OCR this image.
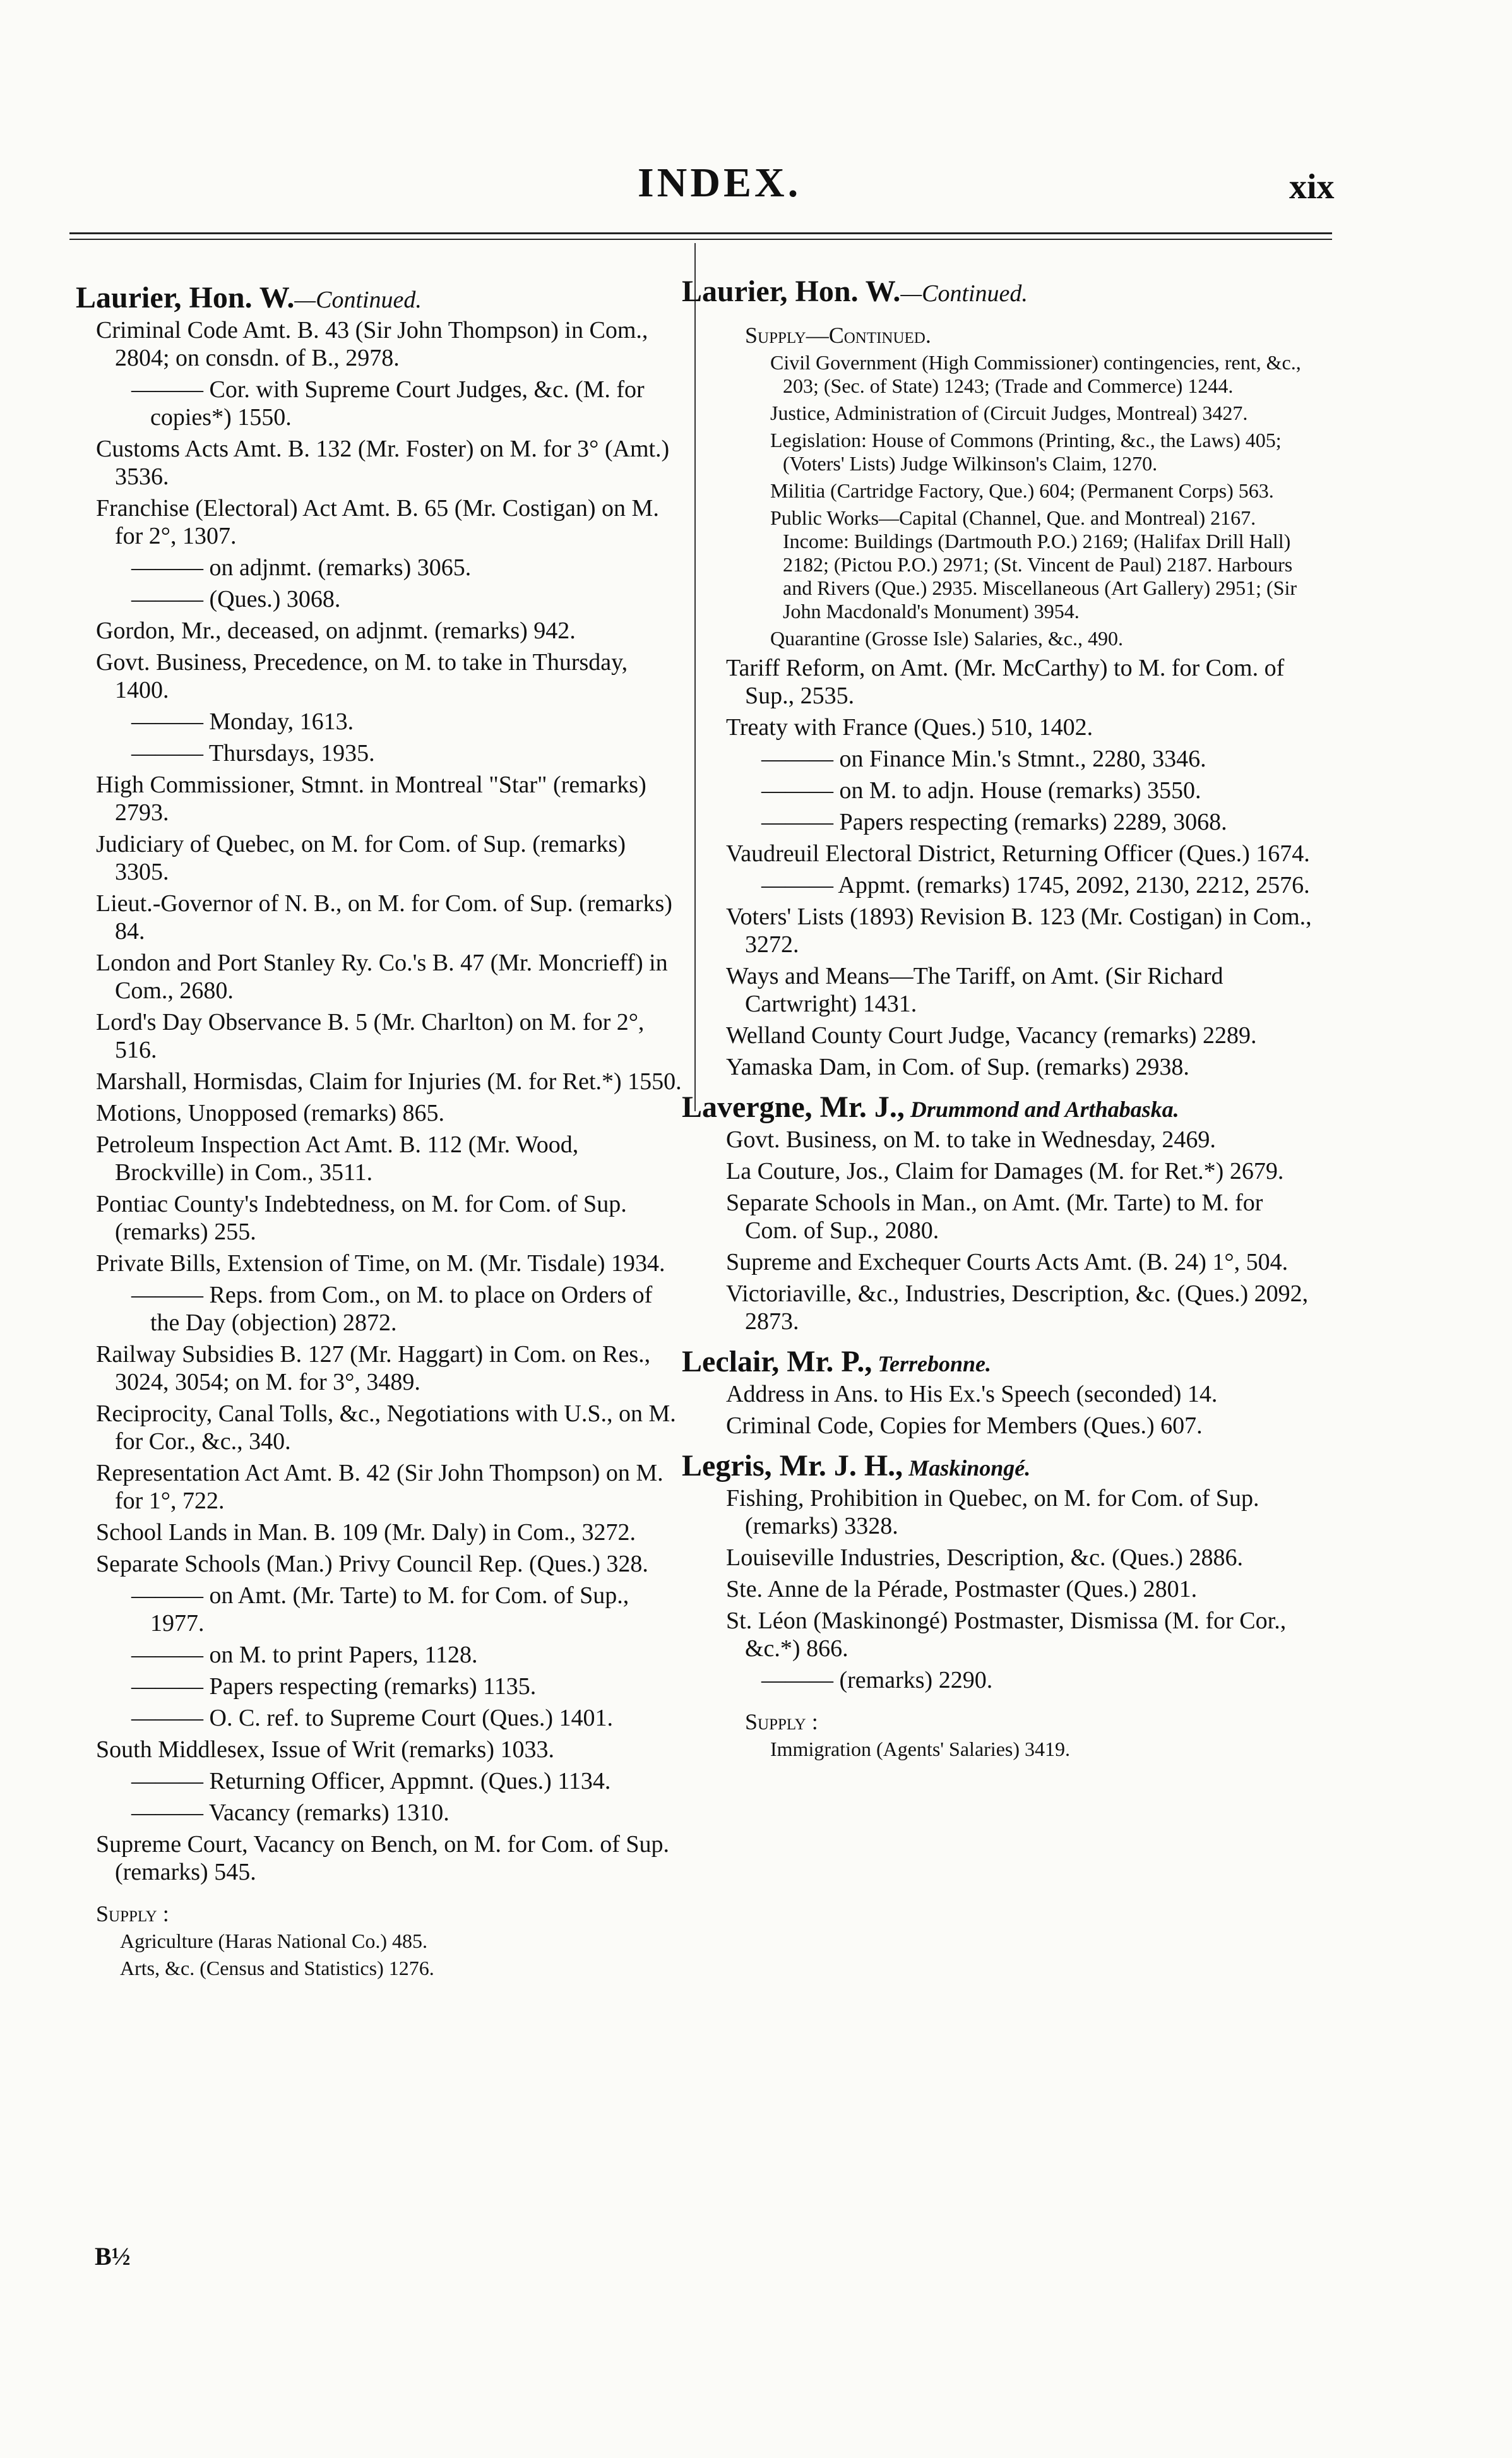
INDEX.	xix
Laurier, Hon. W.—Continued.
Criminal Code Amt. B. 43 (Sir John Thompson) in Com., 2804; on consdn. of B., 2978.
——— Cor. with Supreme Court Judges, &c. (M. for copies*) 1550.
Customs Acts Amt. B. 132 (Mr. Foster) on M. for 3° (Amt.) 3536.
Franchise (Electoral) Act Amt. B. 65 (Mr. Costigan) on M. for 2°, 1307.
——— on adjnmt. (remarks) 3065.
——— (Ques.) 3068.
Gordon, Mr., deceased, on adjnmt. (remarks) 942.
Govt. Business, Precedence, on M. to take in Thursday, 1400.
——— Monday, 1613.
——— Thursdays, 1935.
High Commissioner, Stmnt. in Montreal "Star" (remarks) 2793.
Judiciary of Quebec, on M. for Com. of Sup. (remarks) 3305.
Lieut.-Governor of N. B., on M. for Com. of Sup. (remarks) 84.
London and Port Stanley Ry. Co.'s B. 47 (Mr. Moncrieff) in Com., 2680.
Lord's Day Observance B. 5 (Mr. Charlton) on M. for 2°, 516.
Marshall, Hormisdas, Claim for Injuries (M. for Ret.*) 1550.
Motions, Unopposed (remarks) 865.
Petroleum Inspection Act Amt. B. 112 (Mr. Wood, Brockville) in Com., 3511.
Pontiac County's Indebtedness, on M. for Com. of Sup. (remarks) 255.
Private Bills, Extension of Time, on M. (Mr. Tisdale) 1934.
——— Reps. from Com., on M. to place on Orders of the Day (objection) 2872.
Railway Subsidies B. 127 (Mr. Haggart) in Com. on Res., 3024, 3054; on M. for 3°, 3489.
Reciprocity, Canal Tolls, &c., Negotiations with U.S., on M. for Cor., &c., 340.
Representation Act Amt. B. 42 (Sir John Thompson) on M. for 1°, 722.
School Lands in Man. B. 109 (Mr. Daly) in Com., 3272.
Separate Schools (Man.) Privy Council Rep. (Ques.) 328.
——— on Amt. (Mr. Tarte) to M. for Com. of Sup., 1977.
——— on M. to print Papers, 1128.
——— Papers respecting (remarks) 1135.
——— O. C. ref. to Supreme Court (Ques.) 1401.
South Middlesex, Issue of Writ (remarks) 1033.
——— Returning Officer, Appmnt. (Ques.) 1134.
——— Vacancy (remarks) 1310.
Supreme Court, Vacancy on Bench, on M. for Com. of Sup. (remarks) 545.
Supply :
Agriculture (Haras National Co.) 485.
Arts, &c. (Census and Statistics) 1276.
Laurier, Hon. W.—Continued.
Supply—Continued.
Civil Government (High Commissioner) contingencies, rent, &c., 203; (Sec. of State) 1243; (Trade and Commerce) 1244.
Justice, Administration of (Circuit Judges, Montreal) 3427.
Legislation: House of Commons (Printing, &c., the Laws) 405; (Voters' Lists) Judge Wilkinson's Claim, 1270.
Militia (Cartridge Factory, Que.) 604; (Permanent Corps) 563.
Public Works—Capital (Channel, Que. and Montreal) 2167. Income: Buildings (Dartmouth P.O.) 2169; (Halifax Drill Hall) 2182; (Pictou P.O.) 2971; (St. Vincent de Paul) 2187. Harbours and Rivers (Que.) 2935. Miscellaneous (Art Gallery) 2951; (Sir John Macdonald's Monument) 3954.
Quarantine (Grosse Isle) Salaries, &c., 490.
Tariff Reform, on Amt. (Mr. McCarthy) to M. for Com. of Sup., 2535.
Treaty with France (Ques.) 510, 1402.
——— on Finance Min.'s Stmnt., 2280, 3346.
——— on M. to adjn. House (remarks) 3550.
——— Papers respecting (remarks) 2289, 3068.
Vaudreuil Electoral District, Returning Officer (Ques.) 1674.
——— Appmt. (remarks) 1745, 2092, 2130, 2212, 2576.
Voters' Lists (1893) Revision B. 123 (Mr. Costigan) in Com., 3272.
Ways and Means—The Tariff, on Amt. (Sir Richard Cartwright) 1431.
Welland County Court Judge, Vacancy (remarks) 2289.
Yamaska Dam, in Com. of Sup. (remarks) 2938.
Lavergne, Mr. J., Drummond and Arthabaska.
Govt. Business, on M. to take in Wednesday, 2469.
La Couture, Jos., Claim for Damages (M. for Ret.*) 2679.
Separate Schools in Man., on Amt. (Mr. Tarte) to M. for Com. of Sup., 2080.
Supreme and Exchequer Courts Acts Amt. (B. 24) 1°, 504.
Victoriaville, &c., Industries, Description, &c. (Ques.) 2092, 2873.
Leclair, Mr. P., Terrebonne.
Address in Ans. to His Ex.'s Speech (seconded) 14.
Criminal Code, Copies for Members (Ques.) 607.
Legris, Mr. J. H., Maskinongé.
Fishing, Prohibition in Quebec, on M. for Com. of Sup. (remarks) 3328.
Louiseville Industries, Description, &c. (Ques.) 2886.
Ste. Anne de la Pérade, Postmaster (Ques.) 2801.
St. Léon (Maskinongé) Postmaster, Dismissa (M. for Cor., &c.*) 866.
——— (remarks) 2290.
Supply :
Immigration (Agents' Salaries) 3419.
B½
